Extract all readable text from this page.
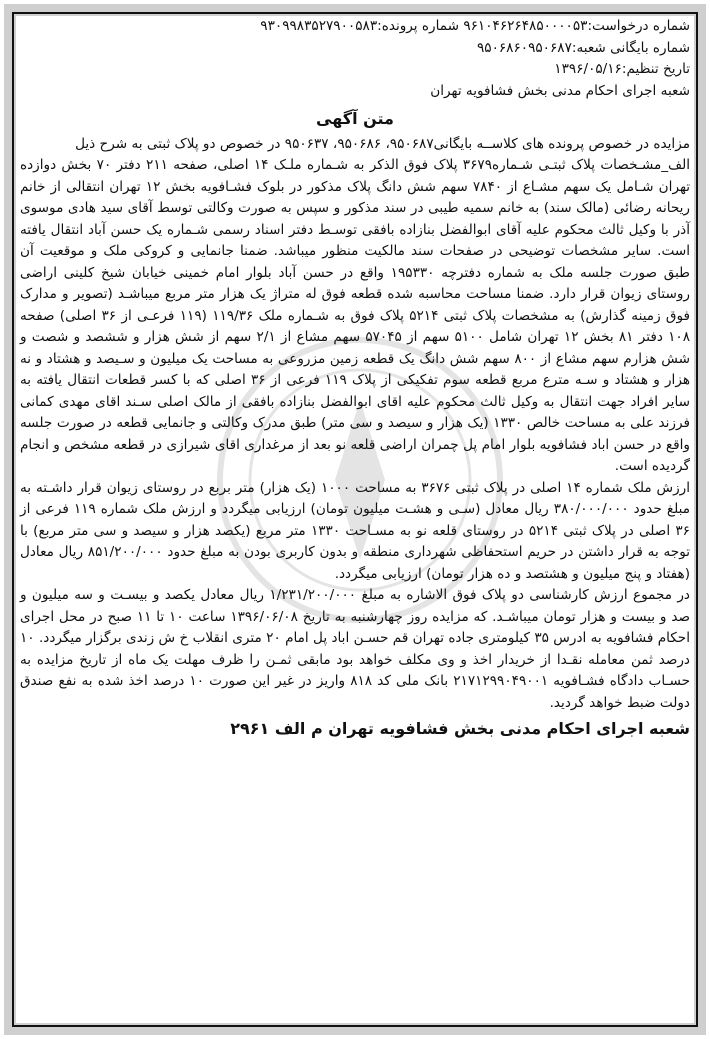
شماره درخواست:۹۶۱۰۴۶۲۶۴۸۵۰۰۰۰۵۳ شماره پرونده:۹۳۰۹۹۸۳۵۲۷۹۰۰۵۸۳
شماره بایگانی شعبه:۹۵۰۶۸۶۰۹۵۰۶۸۷
تاریخ تنظیم:۱۳۹۶/۰۵/۱۶
شعبه اجرای احکام مدنی بخش فشافویه تهران
متن آگهی
مزایده در خصوص پرونده های کلاســه بایگانی۹۵۰۶۸۷، ۹۵۰۶۸۶، ۹۵۰۶۳۷ در خصوص دو پلاک ثبتی به شرح ذیل
الف_مشـخصات پلاک ثبتـی شـماره۳۶۷۹ پلاک فوق الذکر به شـماره ملـک ۱۴ اصلی، صفحه ۲۱۱ دفتر ۷۰ بخش دوازده تهران شـامل یک سهم مشـاع از ۷۸۴۰ سهم شش دانگ پلاک مذکور در بلوک فشـافویه بخش ۱۲ تهران انتقالی از خانم ریحانه رضائی (مالک سند) به خانم سمیه طیبی در سند مذکور و سپس به صورت وکالتی توسط آقای سید هادی موسوی آذر با وکیل ثالث محکوم علیه آقای ابوالفضل بنازاده بافقی توسـط دفتر اسناد رسمی شـماره یک حسن آباد انتقال یافته است. سایر مشخصات توضیحی در صفحات سند مالکیت منظور میباشد. ضمنا جانمایی و کروکی ملک و موقعیت آن طبق صورت جلسه ملک به شماره دفترچه ۱۹۵۳۳۰ واقع در حسن آباد بلوار امام خمینی خیابان شیخ کلینی اراضی روستای زیوان قرار دارد. ضمنا مساحت محاسبه شده قطعه فوق له متراژ یک هزار متر مربع میباشـد (تصویر و مدارک فوق زمینه گذارش) به مشخصات پلاک ثبتی ۵۲۱۴ پلاک فوق به شـماره ملک ۱۱۹/۳۶ (۱۱۹ فرعـی از ۳۶ اصلی) صفحه ۱۰۸ دفتر ۸۱ بخش ۱۲ تهران شامل ۵۱۰۰ سهم از ۵۷۰۴۵ سهم مشاع از ۲/۱ سهم از شش هزار و ششصد و شصت و شش هزارم سهم مشاع از ۸۰۰ سهم شش دانگ یک قطعه زمین مزروعی به مساحت یک میلیون و سـیصد و هشتاد و نه هزار و هشتاد و سـه مترع مربع قطعه سوم تفکیکی از پلاک ۱۱۹ فرعی از ۳۶ اصلی که با کسر قطعات انتقال یافته به سایر افراد جهت انتقال به وکیل ثالث محکوم علیه اقای ابوالفضل بنازاده بافقی از مالک اصلی سـند اقای مهدی کمانی فرزند علی به مساحت خالص ۱۳۳۰ (یک هزار و سیصد و سی متر) طبق مدرک وکالتی و جانمایی قطعه در صورت جلسه واقع در حسن اباد فشافویه بلوار امام پل چمران اراضی قلعه نو بعد از مرغداری اقای شیرازی در قطعه مشخص و انجام گردیده است.
ارزش ملک شماره ۱۴ اصلی در پلاک ثبتی ۳۶۷۶ به مساحت ۱۰۰۰ (یک هزار) متر بربع در روستای زیوان قرار داشـته به مبلغ حدود ۳۸۰/۰۰۰/۰۰۰ ریال معادل (سـی و هشـت میلیون تومان) ارزیابی میگردد و ارزش ملک شماره ۱۱۹ فرعی از ۳۶ اصلی در پلاک ثبتی ۵۲۱۴ در روستای قلعه نو به مسـاحت ۱۳۳۰ متر مربع (یکصد هزار و سیصد و سی متر مربع) با توجه به قرار داشتن در حریم استحفاظی شهرداری منطقه و بدون کاربری بودن به مبلغ حدود ۸۵۱/۲۰۰/۰۰۰ ریال معادل (هفتاد و پنج میلیون و هشتصد و ده هزار تومان) ارزیابی میگردد.
در مجموع ارزش کارشناسی دو پلاک فوق الاشاره به مبلغ ۱/۲۳۱/۲۰۰/۰۰۰ ریال معادل یکصد و بیسـت و سه میلیون و صد و بیست و هزار تومان میباشـد. که مزایده روز چهارشنبه به تاریخ ۱۳۹۶/۰۶/۰۸ ساعت ۱۰ تا ۱۱ صبح در محل اجرای احکام فشافویه به ادرس ۳۵ کیلومتری جاده تهران قم حسـن اباد پل امام ۲۰ متری انقلاب خ ش زندی برگزار میگردد. ۱۰ درصد ثمن معامله نقـدا از خریدار اخذ و وی مکلف خواهد بود مابقی ثمـن را ظرف مهلت یک ماه از تاریخ مزایده به حسـاب دادگاه فشـافویه ۲۱۷۱۲۹۹۰۴۹۰۰۱ بانک ملی کد ۸۱۸ واریز در غیر این صورت ۱۰ درصد اخذ شده به نفع صندق دولت ضبط خواهد گردید.
شعبه اجرای احکام مدنی بخش فشافویه تهران م الف ۲۹۶۱
